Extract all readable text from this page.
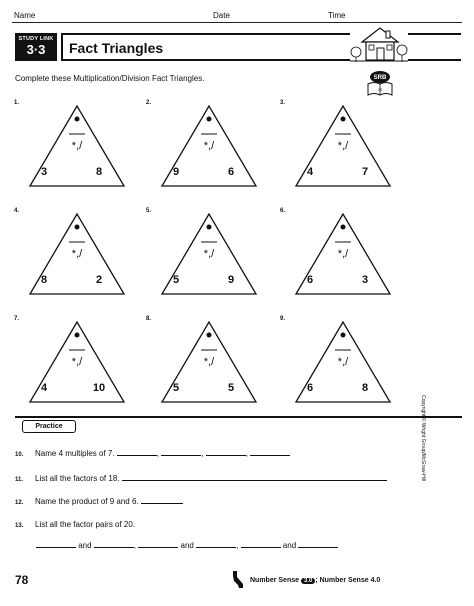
Name	Date	Time
STUDY LINK
3·3	Fact Triangles
Complete these Multiplication/Division Fact Triangles.	SRB
74
1.
*,/
3	8
2.
*,/
9	6
3.
*,/
4	7
4.
*,/
8	2
5.
*,/
5	9
6.
*,/
6	3
7.
*,/
4	10
8.
*,/
5	5
9.
*,/
6	8
Practice
10. Name 4 multiples of 7.	,	,	,
11. List all the factors of 18.
12. Name the product of 9 and 6.
13. List all the factor pairs of 20.
and	,	and	,	and
Copyright © Wright Group/McGraw-Hill
78	Number Sense 3.0 ; Number Sense 4.0
